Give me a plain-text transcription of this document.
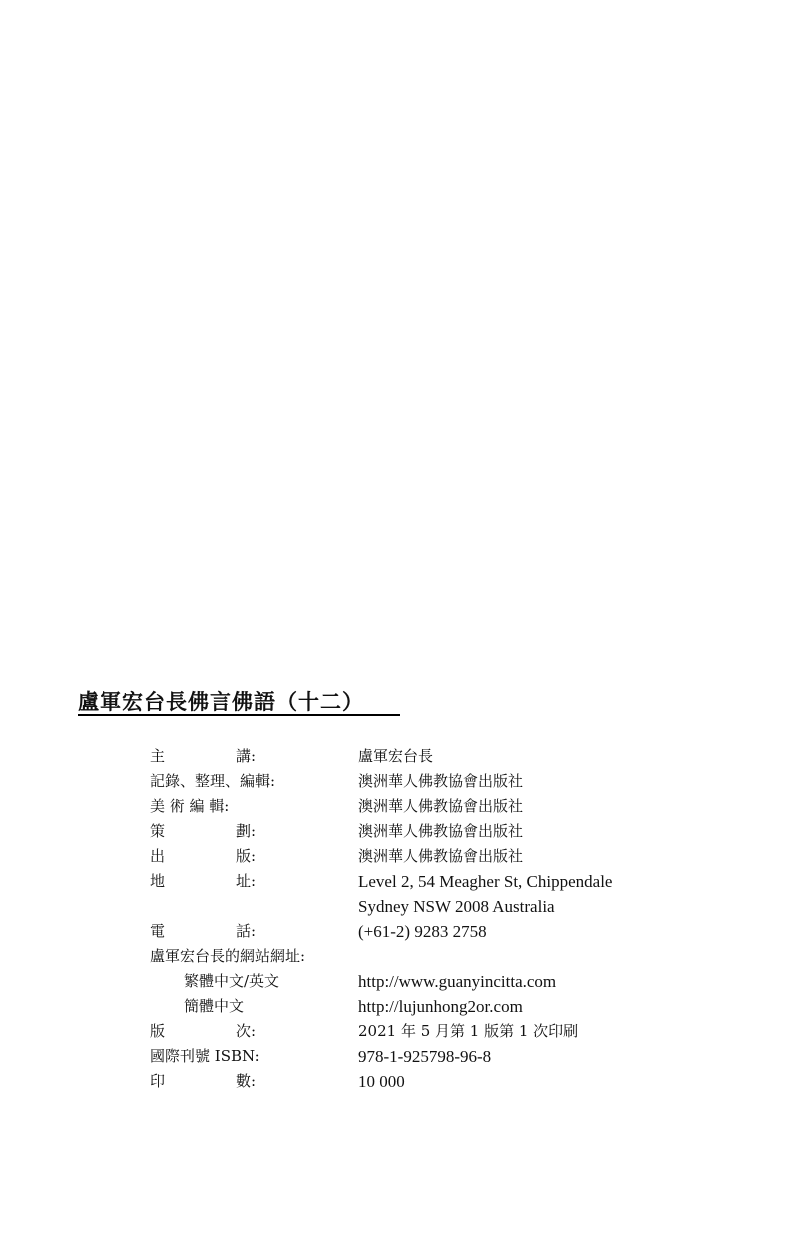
盧軍宏台長佛言佛語（十二）
主	講:	盧軍宏台長
記錄、整理、編輯:	澳洲華人佛教協會出版社
美 術 編 輯:	澳洲華人佛教協會出版社
策	劃:	澳洲華人佛教協會出版社
出	版:	澳洲華人佛教協會出版社
地	址:	Level 2, 54 Meagher St, Chippendale
Sydney NSW 2008 Australia
電	話:	(+61-2) 9283 2758
盧軍宏台長的網站網址:
繁體中文/英文	http://www.guanyincitta.com
簡體中文	http://lujunhong2or.com
版	次:	2021 年 5 月第 1 版第 1 次印刷
國際刊號 ISBN:	978-1-925798-96-8
印	數:	10 000
